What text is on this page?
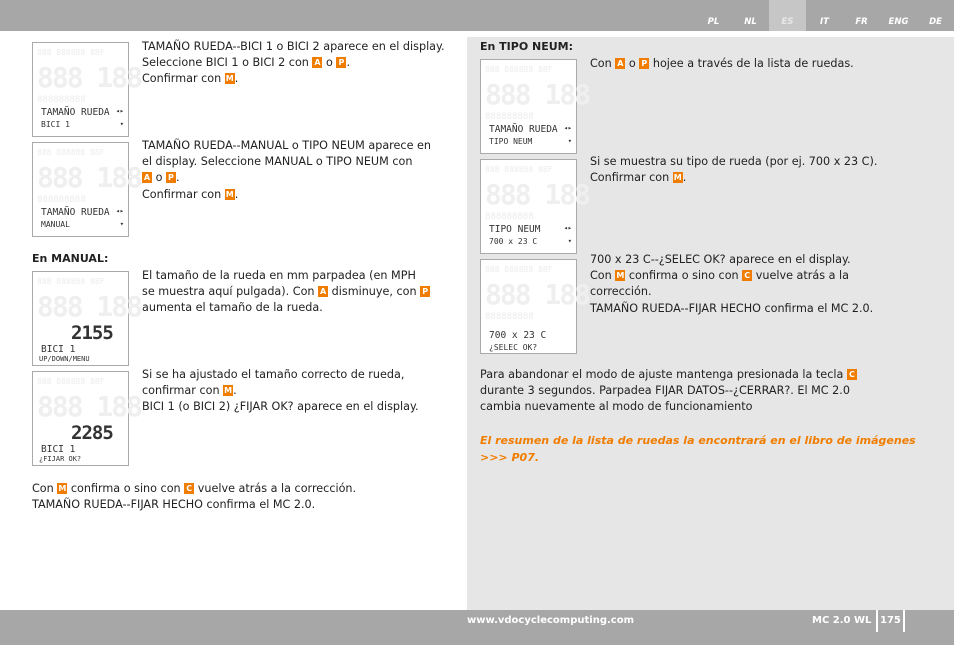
PL	NL	ES	IT	FR	ENG	DE
888 888888 88F
888 188
888888888
TAMAÑO RUEDA ◂▸
BICI 1	▾
888 888888 88F
888 188
888888888
TAMAÑO RUEDA ◂▸
MANUAL	▾
888 888888 88F
888 188
2155
BICI 1
UP/DOWN/MENU
888 888888 88F
888 188
2285
BICI 1
¿FIJAR OK?
888 888888 88F
888 188
888888888
TAMAÑO RUEDA ◂▸
TIPO NEUM	▾
888 888888 88F
888 188
888888888
TIPO NEUM	◂▸
700 x 23 C	▾
888 888888 88F
888 188
888888888
700 x 23 C
¿SELEC OK?
TAMAÑO RUEDA--BICI 1 o BICI 2 aparece en el display.
Seleccione BICI 1 o BICI 2 con A o P .
Confirmar con M.
TAMAÑO RUEDA--MANUAL o TIPO NEUM aparece en
el display. Seleccione MANUAL o TIPO NEUM con
A o P .
Confirmar con M.
En MANUAL:
El tamaño de la rueda en mm parpadea (en MPH
se muestra aquí pulgada). Con A disminuye, con P
aumenta el tamaño de la rueda.
Si se ha ajustado el tamaño correcto de rueda,
confirmar con M.
BICI 1 (o BICI 2) ¿FIJAR OK? aparece en el display.
Con M confirma o sino con C vuelve atrás a la corrección.
TAMAÑO RUEDA--FIJAR HECHO confirma el MC 2.0.
En TIPO NEUM:
Con A o P hojee a través de la lista de ruedas.
Si se muestra su tipo de rueda (por ej. 700 x 23 C).
Confirmar con M.
700 x 23 C--¿SELEC OK? aparece en el display.
Con M confirma o sino con C vuelve atrás a la
corrección.
TAMAÑO RUEDA--FIJAR HECHO confirma el MC 2.0.
Para abandonar el modo de ajuste mantenga presionada la tecla C
durante 3 segundos. Parpadea FIJAR DATOS--¿CERRAR?. El MC 2.0
cambia nuevamente al modo de funcionamiento
El resumen de la lista de ruedas la encontrará en el libro de imágenes
>>> P07.
www.vdocyclecomputing.com	MC 2.0 WL 175
